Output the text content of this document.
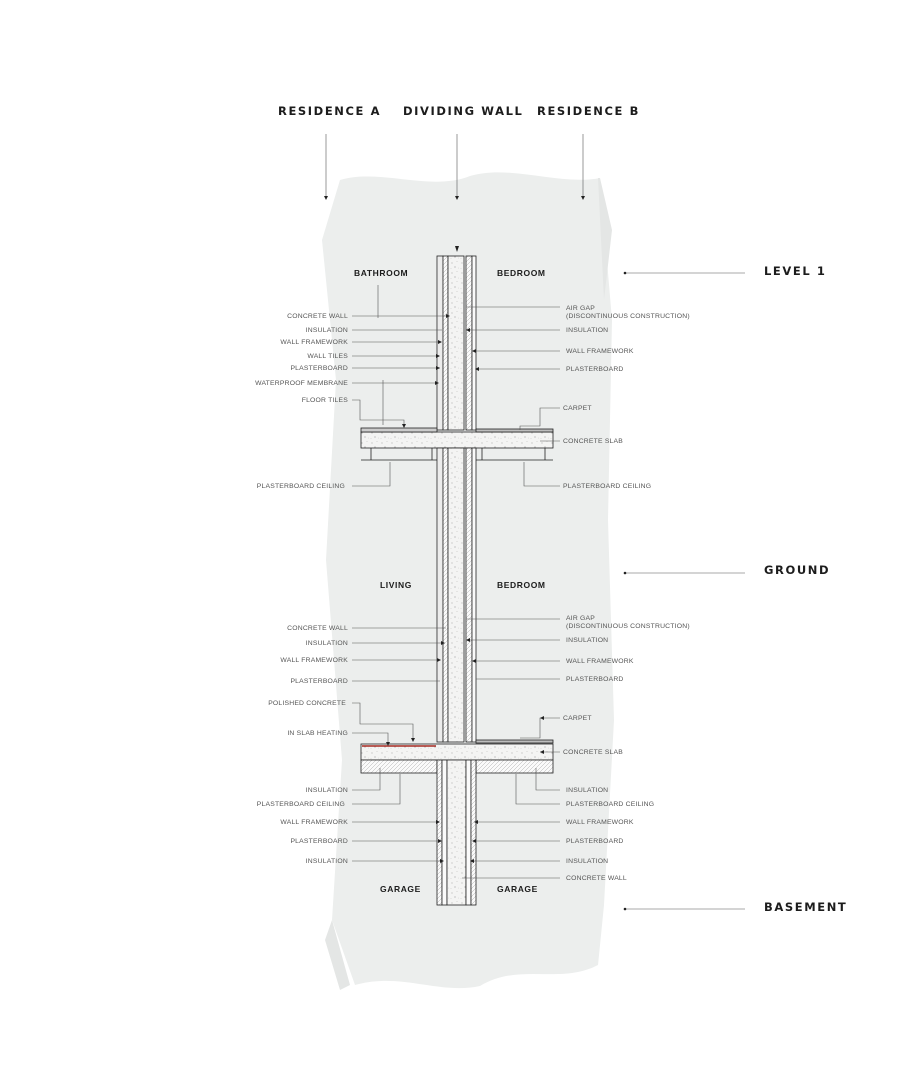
RESIDENCE A DIVIDING WALL RESIDENCE B
LEVEL 1
GROUND
BASEMENT
BATHROOM	BEDROOM
LIVING	BEDROOM
GARAGE	GARAGE
CONCRETE WALL
INSULATION
WALL FRAMEWORK
WALL TILES
PLASTERBOARD
WATERPROOF MEMBRANE
FLOOR TILES
PLASTERBOARD CEILING
AIR GAP
(DISCONTINUOUS CONSTRUCTION)
INSULATION
WALL FRAMEWORK
PLASTERBOARD
CARPET
CONCRETE SLAB
PLASTERBOARD CEILING
CONCRETE WALL
INSULATION
WALL FRAMEWORK
PLASTERBOARD
POLISHED CONCRETE
IN SLAB HEATING
AIR GAP
(DISCONTINUOUS CONSTRUCTION)
INSULATION
WALL FRAMEWORK
PLASTERBOARD
CARPET
CONCRETE SLAB
INSULATION
PLASTERBOARD CEILING
WALL FRAMEWORK
PLASTERBOARD
INSULATION
INSULATION
PLASTERBOARD CEILING
WALL FRAMEWORK
PLASTERBOARD
INSULATION
CONCRETE WALL
